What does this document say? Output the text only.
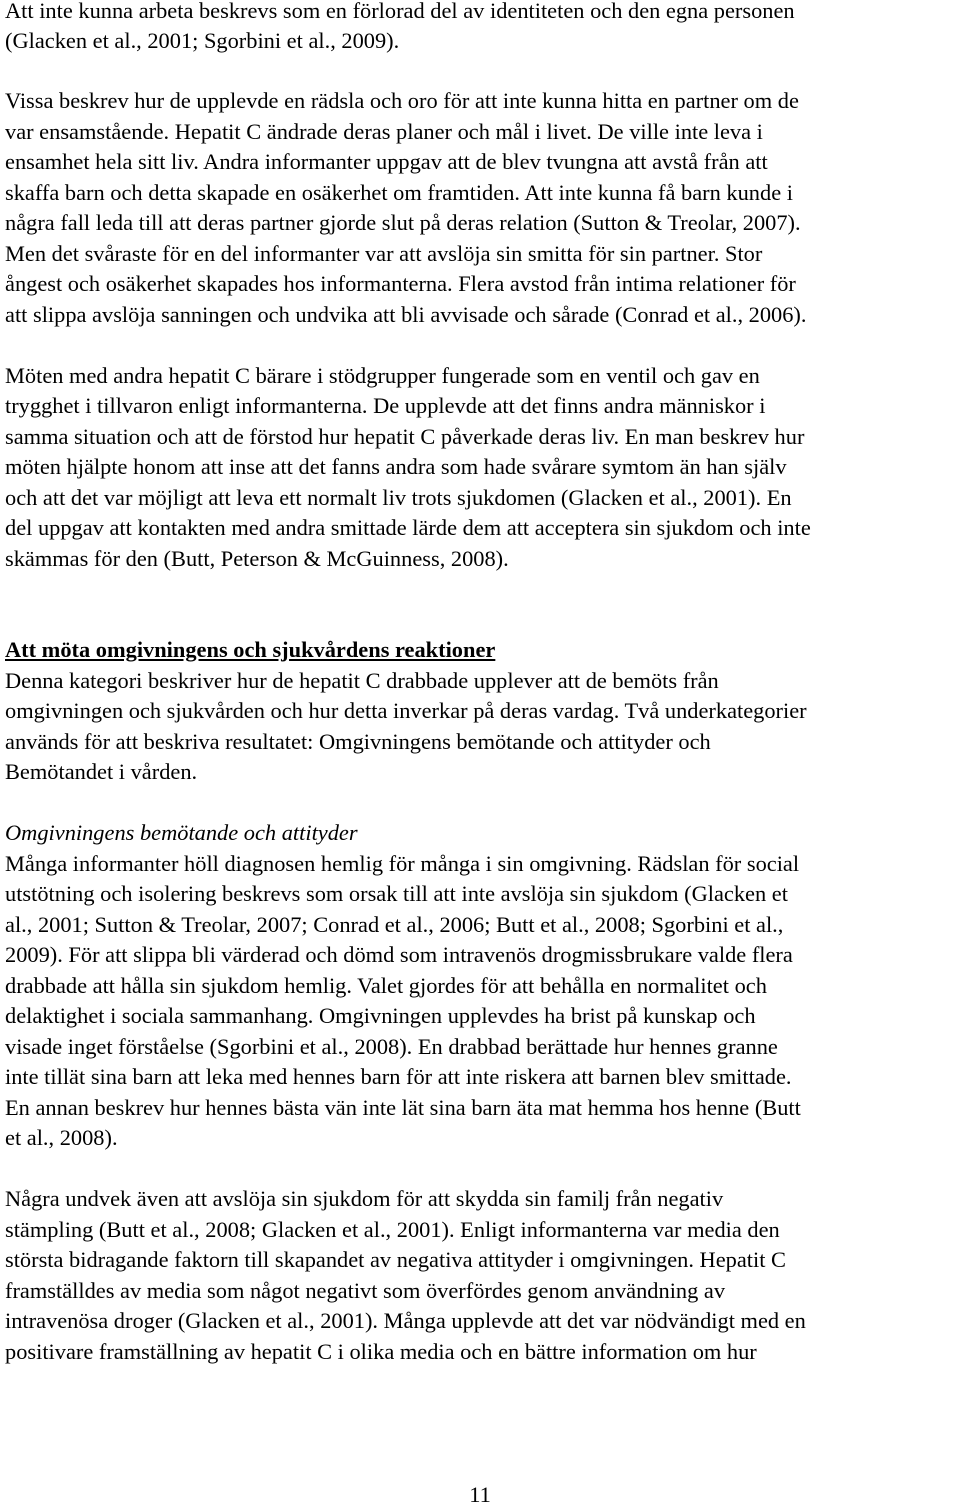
Att inte kunna arbeta beskrevs som en förlorad del av identiteten och den egna personen
(Glacken et al., 2001; Sgorbini et al., 2009).
Vissa beskrev hur de upplevde en rädsla och oro för att inte kunna hitta en partner om de
var ensamstående. Hepatit C ändrade deras planer och mål i livet. De ville inte leva i
ensamhet hela sitt liv. Andra informanter uppgav att de blev tvungna att avstå från att
skaffa barn och detta skapade en osäkerhet om framtiden. Att inte kunna få barn kunde i
några fall leda till att deras partner gjorde slut på deras relation (Sutton & Treolar, 2007).
Men det svåraste för en del informanter var att avslöja sin smitta för sin partner. Stor
ångest och osäkerhet skapades hos informanterna. Flera avstod från intima relationer för
att slippa avslöja sanningen och undvika att bli avvisade och sårade (Conrad et al., 2006).
Möten med andra hepatit C bärare i stödgrupper fungerade som en ventil och gav en
trygghet i tillvaron enligt informanterna. De upplevde att det finns andra människor i
samma situation och att de förstod hur hepatit C påverkade deras liv. En man beskrev hur
möten hjälpte honom att inse att det fanns andra som hade svårare symtom än han själv
och att det var möjligt att leva ett normalt liv trots sjukdomen (Glacken et al., 2001). En
del uppgav att kontakten med andra smittade lärde dem att acceptera sin sjukdom och inte
skämmas för den (Butt, Peterson & McGuinness, 2008).
Att möta omgivningens och sjukvårdens reaktioner
Denna kategori beskriver hur de hepatit C drabbade upplever att de bemöts från
omgivningen och sjukvården och hur detta inverkar på deras vardag. Två underkategorier
används för att beskriva resultatet: Omgivningens bemötande och attityder och
Bemötandet i vården.
Omgivningens bemötande och attityder
Många informanter höll diagnosen hemlig för många i sin omgivning. Rädslan för social
utstötning och isolering beskrevs som orsak till att inte avslöja sin sjukdom (Glacken et
al., 2001; Sutton & Treolar, 2007; Conrad et al., 2006; Butt et al., 2008; Sgorbini et al.,
2009). För att slippa bli värderad och dömd som intravenös drogmissbrukare valde flera
drabbade att hålla sin sjukdom hemlig. Valet gjordes för att behålla en normalitet och
delaktighet i sociala sammanhang. Omgivningen upplevdes ha brist på kunskap och
visade inget förståelse (Sgorbini et al., 2008). En drabbad berättade hur hennes granne
inte tillät sina barn att leka med hennes barn för att inte riskera att barnen blev smittade.
En annan beskrev hur hennes bästa vän inte lät sina barn äta mat hemma hos henne (Butt
et al., 2008).
Några undvek även att avslöja sin sjukdom för att skydda sin familj från negativ
stämpling (Butt et al., 2008; Glacken et al., 2001). Enligt informanterna var media den
största bidragande faktorn till skapandet av negativa attityder i omgivningen. Hepatit C
framställdes av media som något negativt som överfördes genom användning av
intravenösa droger (Glacken et al., 2001). Många upplevde att det var nödvändigt med en
positivare framställning av hepatit C i olika media och en bättre information om hur
11
